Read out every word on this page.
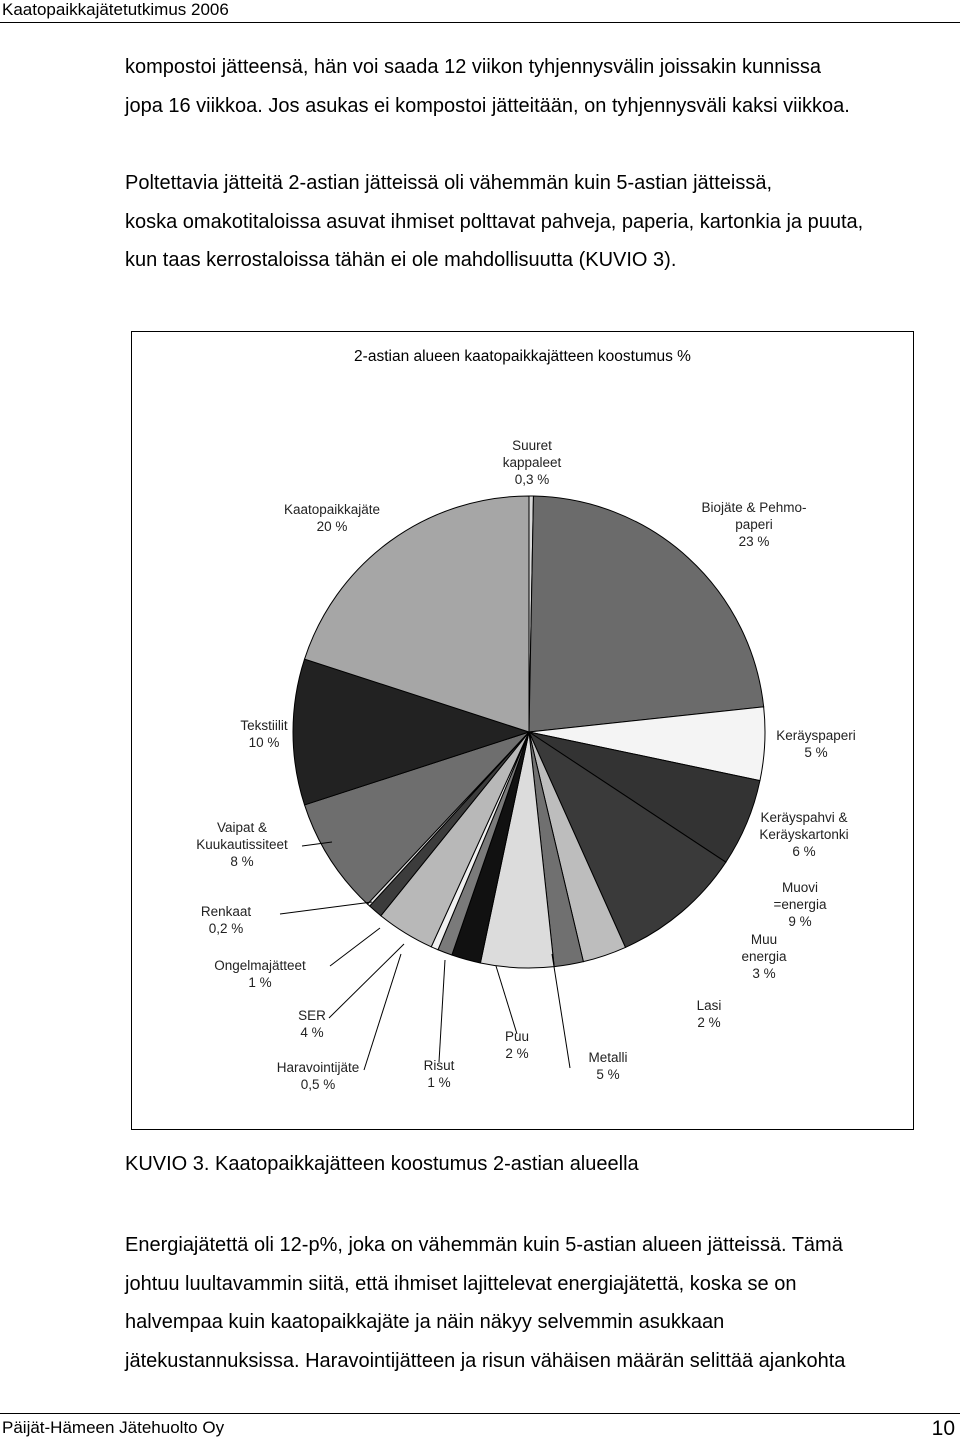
Kaatopaikkajätetutkimus 2006
kompostoi jätteensä, hän voi saada 12 viikon tyhjennysvälin joissakin kunnissa
jopa 16 viikkoa. Jos asukas ei kompostoi jätteitään, on tyhjennysväli kaksi viikkoa.
Poltettavia jätteitä 2-astian jätteissä oli vähemmän kuin 5-astian jätteissä,
koska omakotitaloissa asuvat ihmiset polttavat pahveja, paperia, kartonkia ja puuta,
kun taas kerrostaloissa tähän ei ole mahdollisuutta (KUVIO 3).
2-astian alueen kaatopaikkajätteen koostumus %
Suuret kappaleet 0,3 %
Biojäte & Pehmo-paperi 23 %
Keräyspaperi 5 %
Keräyspahvi & Keräyskartonki 6 %
Muovi =energia 9 %
Muu energia 3 %
Lasi 2 %
Metalli 5 %
Puu 2 %
Risut 1 %
Haravointijäte 0,5 %
SER 4 %
Ongelmajätteet 1 %
Renkaat 0,2 %
Vaipat & Kuukautissiteet 8 %
Tekstiilit 10 %
Kaatopaikkajäte 20 %

KUVIO 3. Kaatopaikkajätteen koostumus 2-astian alueella

Energiajätettä oli 12-p%, joka on vähemmän kuin 5-astian alueen jätteissä. Tämä
johtuu luultavammin siitä, että ihmiset lajittelevat energiajätettä, koska se on
halvempaa kuin kaatopaikkajäte ja näin näkyy selvemmin asukkaan
jätekustannuksissa. Haravointijätteen ja risun vähäisen määrän selittää ajankohta
Päijät-Hämeen Jätehuolto Oy	10
